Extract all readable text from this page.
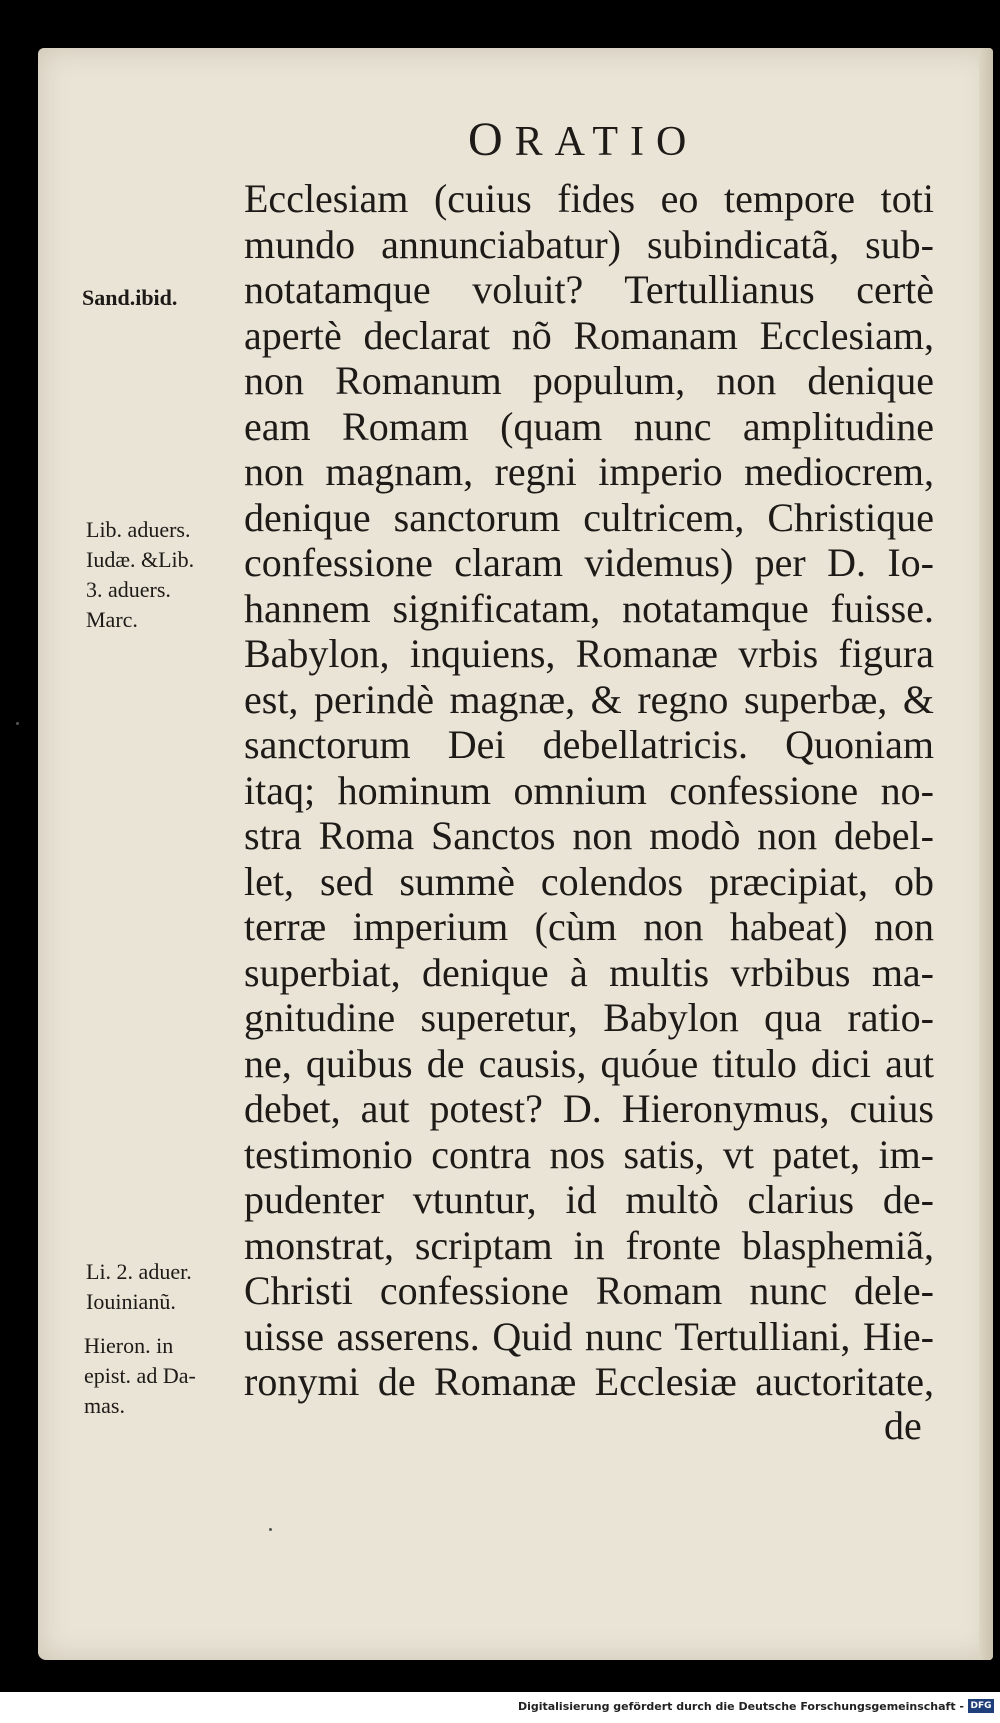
ORATIO

Ecclesiam (cuius fides eo tempore toti
mundo annunciabatur) subindicatã, sub-
notatamque voluit? Tertullianus certè
apertè declarat nõ Romanam Ecclesiam,
non Romanum populum, non denique
eam Romam (quam nunc amplitudine
non magnam, regni imperio mediocrem,
denique sanctorum cultricem, Christique
confessione claram videmus) per D. Io-
hannem significatam, notatamque fuisse.
Babylon, inquiens, Romanæ vrbis figura
est, perindè magnæ, & regno superbæ, &
sanctorum Dei debellatricis. Quoniam
itaq; hominum omnium confessione no-
stra Roma Sanctos non modò non debel-
let, sed summè colendos præcipiat, ob
terræ imperium (cùm non habeat) non
superbiat, denique à multis vrbibus ma-
gnitudine superetur, Babylon qua ratio-
ne, quibus de causis, quóue titulo dici aut
debet, aut potest? D. Hieronymus, cuius
testimonio contra nos satis, vt patet, im-
pudenter vtuntur, id multò clarius de-
monstrat, scriptam in fronte blasphemiã,
Christi confessione Romam nunc dele-
uisse asserens. Quid nunc Tertulliani, Hie-
ronymi de Romanæ Ecclesiæ auctoritate,

de

Sand.ibid.

Lib. aduers.
Iudæ. &Lib.
3. aduers.
Marc.

Li. 2. aduer.
Iouinianũ.

Hieron. in
epist. ad Da-
mas.

Digitalisierung gefördert durch die Deutsche Forschungsgemeinschaft - DFG
